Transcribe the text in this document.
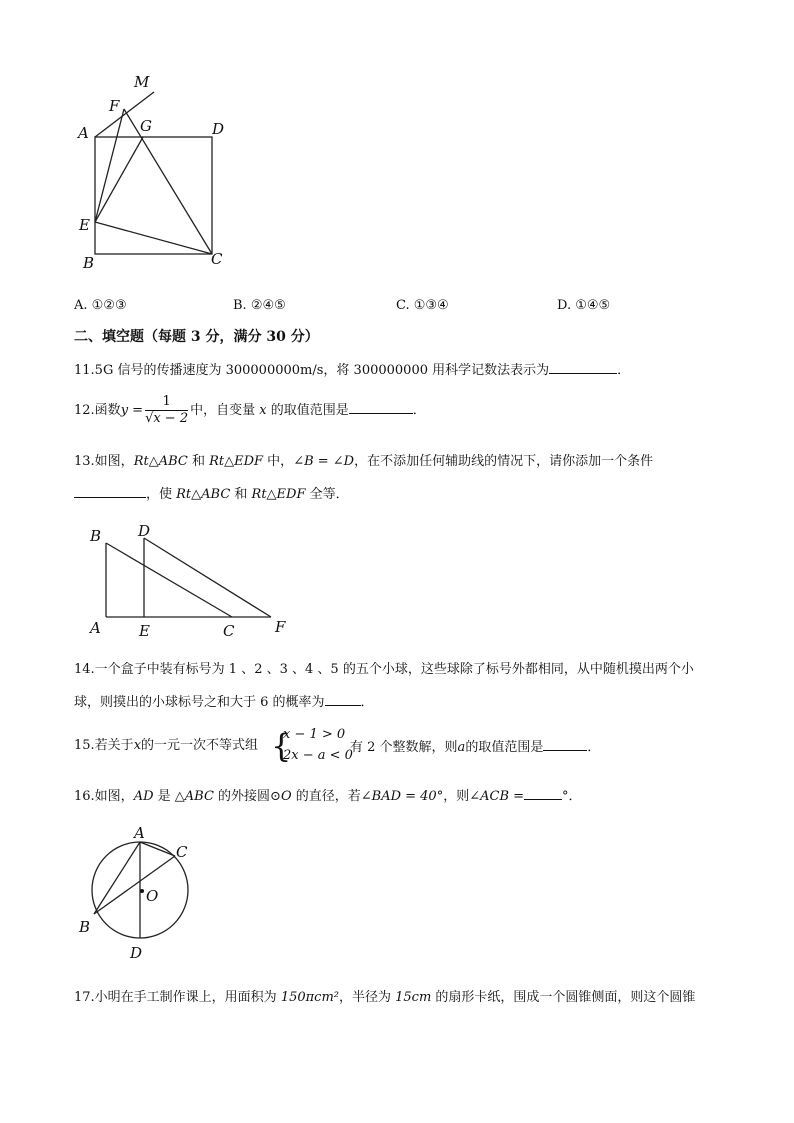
M
F
A	G	D
E
B	C
A. ①②③	B. ②④⑤	C. ①③④	D. ①④⑤
二、填空题（每题 3 分，满分 30 分）
11.5G 信号的传播速度为 300000000m/s，将 300000000 用科学记数法表示为	．
12.函数$y = \frac{1}{√x - 2}$ 中，自变量 x 的取值范围是	．
13.如图，Rt△ABC 和 Rt△EDF 中，∠B = ∠D，在不添加任何辅助线的情况下，请你添加一个条件
，使 Rt△ABC 和 Rt△EDF 全等．
B D
A	E	C	F
14.一个盒子中装有标号为 1 、2 、3 、4 、5 的五个小球，这些球除了标号外都相同，从中随机摸出两个小
球，则摸出的小球标号之和大于 6 的概率为	．
15.若关于x的一元一次不等式组 {
x − 1 > 0
2x − a < 0
有 2 个整数解，则a的取值范围是	．
16.如图，AD 是 △ABC 的外接圆⊙O 的直径，若∠BAD = 40°，则∠ACB =	°．
A
C
O
B
D
17.小明在手工制作课上，用面积为 150πcm²，半径为 15cm 的扇形卡纸，围成一个圆锥侧面，则这个圆锥
